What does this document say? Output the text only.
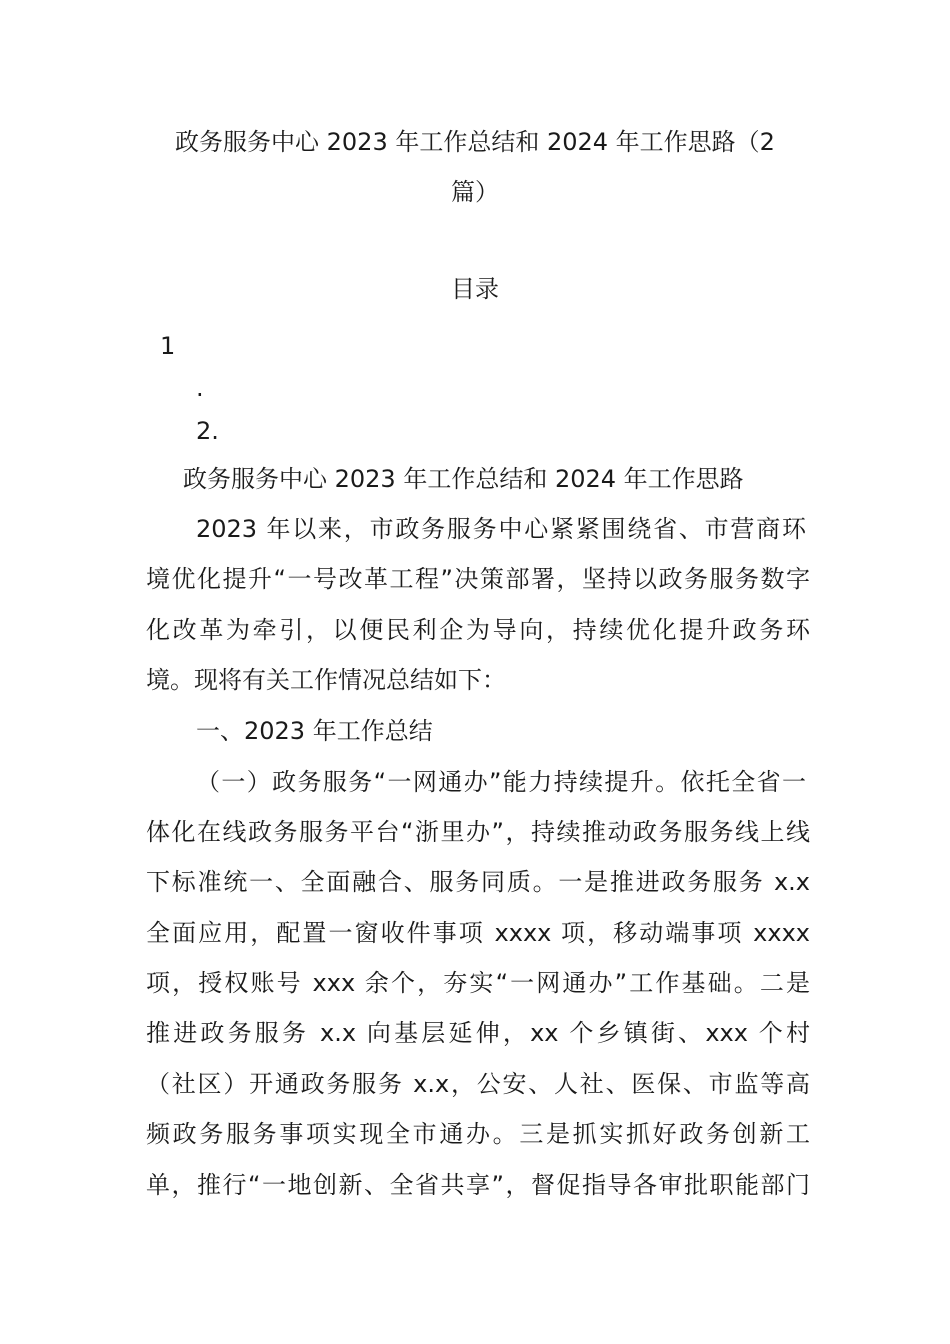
政务服务中心 2023 年工作总结和 2024 年工作思路（2
篇）
目录
1
.
2.
政务服务中心 2023 年工作总结和 2024 年工作思路
2023 年以来，市政务服务中心紧紧围绕省、市营商环
境优化提升“一号改革工程”决策部署，坚持以政务服务数字
化改革为牵引，以便民利企为导向，持续优化提升政务环
境。现将有关工作情况总结如下：
一、2023 年工作总结
（一）政务服务“一网通办”能力持续提升。依托全省一
体化在线政务服务平台“浙里办”，持续推动政务服务线上线
下标准统一、全面融合、服务同质。一是推进政务服务 x.x
全面应用，配置一窗收件事项 xxxx 项，移动端事项 xxxx
项，授权账号 xxx 余个，夯实“一网通办”工作基础。二是
推进政务服务 x.x 向基层延伸，xx 个乡镇街、xxx 个村
（社区）开通政务服务 x.x，公安、人社、医保、市监等高
频政务服务事项实现全市通办。三是抓实抓好政务创新工
单，推行“一地创新、全省共享”，督促指导各审批职能部门
